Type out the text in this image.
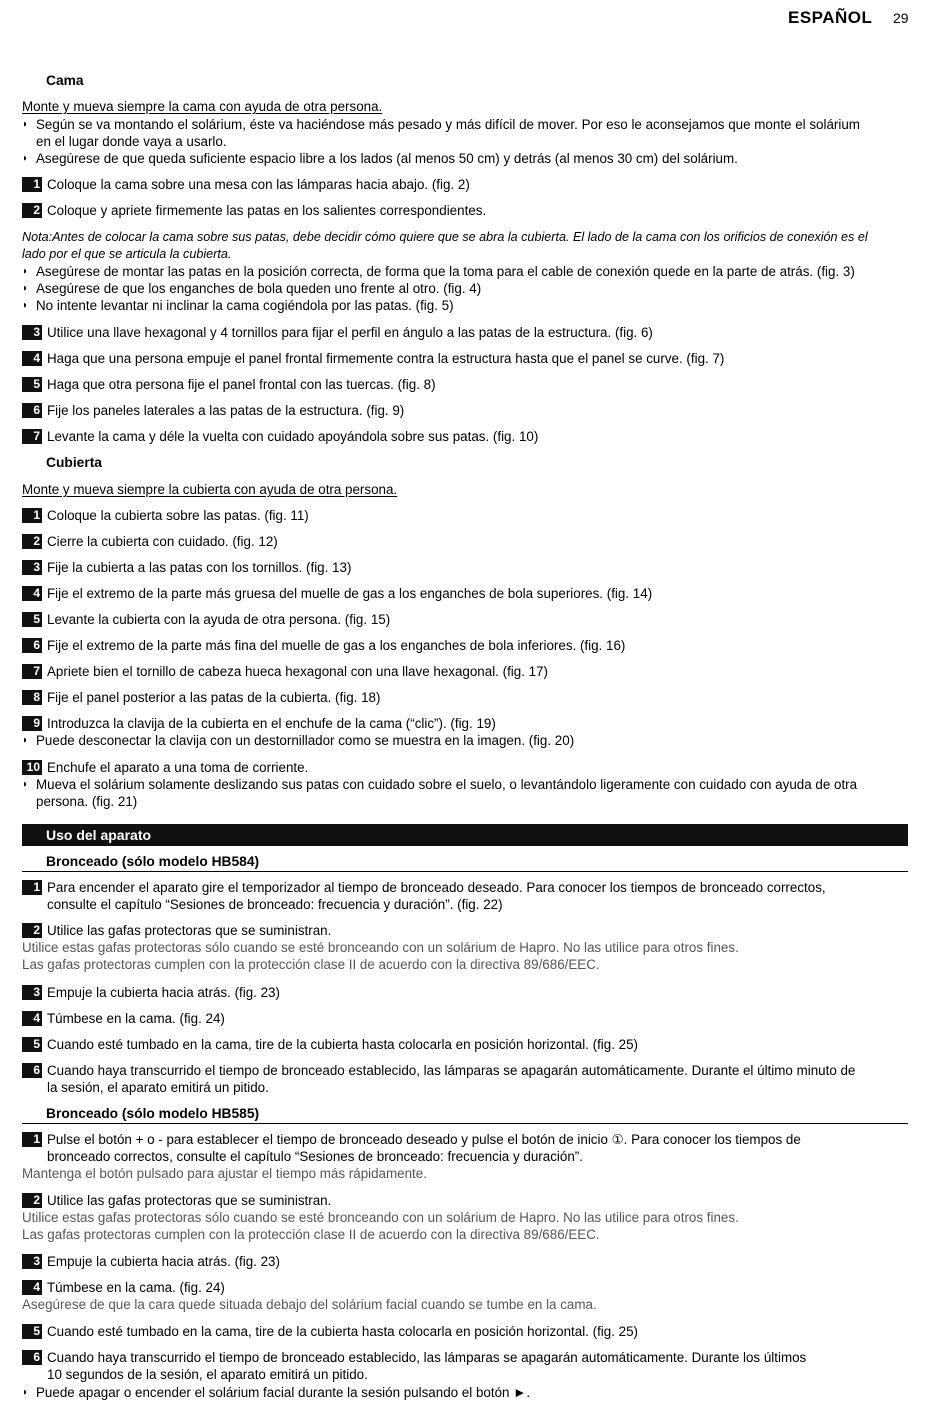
ESPAÑOL 29
Cama
Monte y mueva siempre la cama con ayuda de otra persona.
◗ Según se va montando el solárium, éste va haciéndose más pesado y más difícil de mover. Por eso le aconsejamos que monte el solárium
en el lugar donde vaya a usarlo.
◗ Asegúrese de que queda suficiente espacio libre a los lados (al menos 50 cm) y detrás (al menos 30 cm) del solárium.
1 Coloque la cama sobre una mesa con las lámparas hacia abajo. (fig. 2)
2 Coloque y apriete firmemente las patas en los salientes correspondientes.
Nota:Antes de colocar la cama sobre sus patas, debe decidir cómo quiere que se abra la cubierta. El lado de la cama con los orificios de conexión es el
lado por el que se articula la cubierta.
◗ Asegúrese de montar las patas en la posición correcta, de forma que la toma para el cable de conexión quede en la parte de atrás. (fig. 3)
◗ Asegúrese de que los enganches de bola queden uno frente al otro. (fig. 4)
◗ No intente levantar ni inclinar la cama cogiéndola por las patas. (fig. 5)
3 Utilice una llave hexagonal y 4 tornillos para fijar el perfil en ángulo a las patas de la estructura. (fig. 6)
4 Haga que una persona empuje el panel frontal firmemente contra la estructura hasta que el panel se curve. (fig. 7)
5 Haga que otra persona fije el panel frontal con las tuercas. (fig. 8)
6 Fije los paneles laterales a las patas de la estructura. (fig. 9)
7 Levante la cama y déle la vuelta con cuidado apoyándola sobre sus patas. (fig. 10)
Cubierta
Monte y mueva siempre la cubierta con ayuda de otra persona.
1 Coloque la cubierta sobre las patas. (fig. 11)
2 Cierre la cubierta con cuidado. (fig. 12)
3 Fije la cubierta a las patas con los tornillos. (fig. 13)
4 Fije el extremo de la parte más gruesa del muelle de gas a los enganches de bola superiores. (fig. 14)
5 Levante la cubierta con la ayuda de otra persona. (fig. 15)
6 Fije el extremo de la parte más fina del muelle de gas a los enganches de bola inferiores. (fig. 16)
7 Apriete bien el tornillo de cabeza hueca hexagonal con una llave hexagonal. (fig. 17)
8 Fije el panel posterior a las patas de la cubierta. (fig. 18)
9 Introduzca la clavija de la cubierta en el enchufe de la cama (“clic”). (fig. 19)
◗ Puede desconectar la clavija con un destornillador como se muestra en la imagen. (fig. 20)
10 Enchufe el aparato a una toma de corriente.
◗ Mueva el solárium solamente deslizando sus patas con cuidado sobre el suelo, o levantándolo ligeramente con cuidado con ayuda de otra
persona. (fig. 21)
Uso del aparato
Bronceado (sólo modelo HB584)
1 Para encender el aparato gire el temporizador al tiempo de bronceado deseado. Para conocer los tiempos de bronceado correctos,
consulte el capítulo “Sesiones de bronceado: frecuencia y duración”. (fig. 22)
2 Utilice las gafas protectoras que se suministran.
Utilice estas gafas protectoras sólo cuando se esté bronceando con un solárium de Hapro. No las utilice para otros fines.
Las gafas protectoras cumplen con la protección clase II de acuerdo con la directiva 89/686/EEC.
3 Empuje la cubierta hacia atrás. (fig. 23)
4 Túmbese en la cama. (fig. 24)
5 Cuando esté tumbado en la cama, tire de la cubierta hasta colocarla en posición horizontal. (fig. 25)
6 Cuando haya transcurrido el tiempo de bronceado establecido, las lámparas se apagarán automáticamente. Durante el último minuto de
la sesión, el aparato emitirá un pitido.
Bronceado (sólo modelo HB585)
1 Pulse el botón + o - para establecer el tiempo de bronceado deseado y pulse el botón de inicio ①. Para conocer los tiempos de
bronceado correctos, consulte el capítulo “Sesiones de bronceado: frecuencia y duración”.
Mantenga el botón pulsado para ajustar el tiempo más rápidamente.
2 Utilice las gafas protectoras que se suministran.
Utilice estas gafas protectoras sólo cuando se esté bronceando con un solárium de Hapro. No las utilice para otros fines.
Las gafas protectoras cumplen con la protección clase II de acuerdo con la directiva 89/686/EEC.
3 Empuje la cubierta hacia atrás. (fig. 23)
4 Túmbese en la cama. (fig. 24)
Asegúrese de que la cara quede situada debajo del solárium facial cuando se tumbe en la cama.
5 Cuando esté tumbado en la cama, tire de la cubierta hasta colocarla en posición horizontal. (fig. 25)
6 Cuando haya transcurrido el tiempo de bronceado establecido, las lámparas se apagarán automáticamente. Durante los últimos
10 segundos de la sesión, el aparato emitirá un pitido.
◗ Puede apagar o encender el solárium facial durante la sesión pulsando el botón ►.
